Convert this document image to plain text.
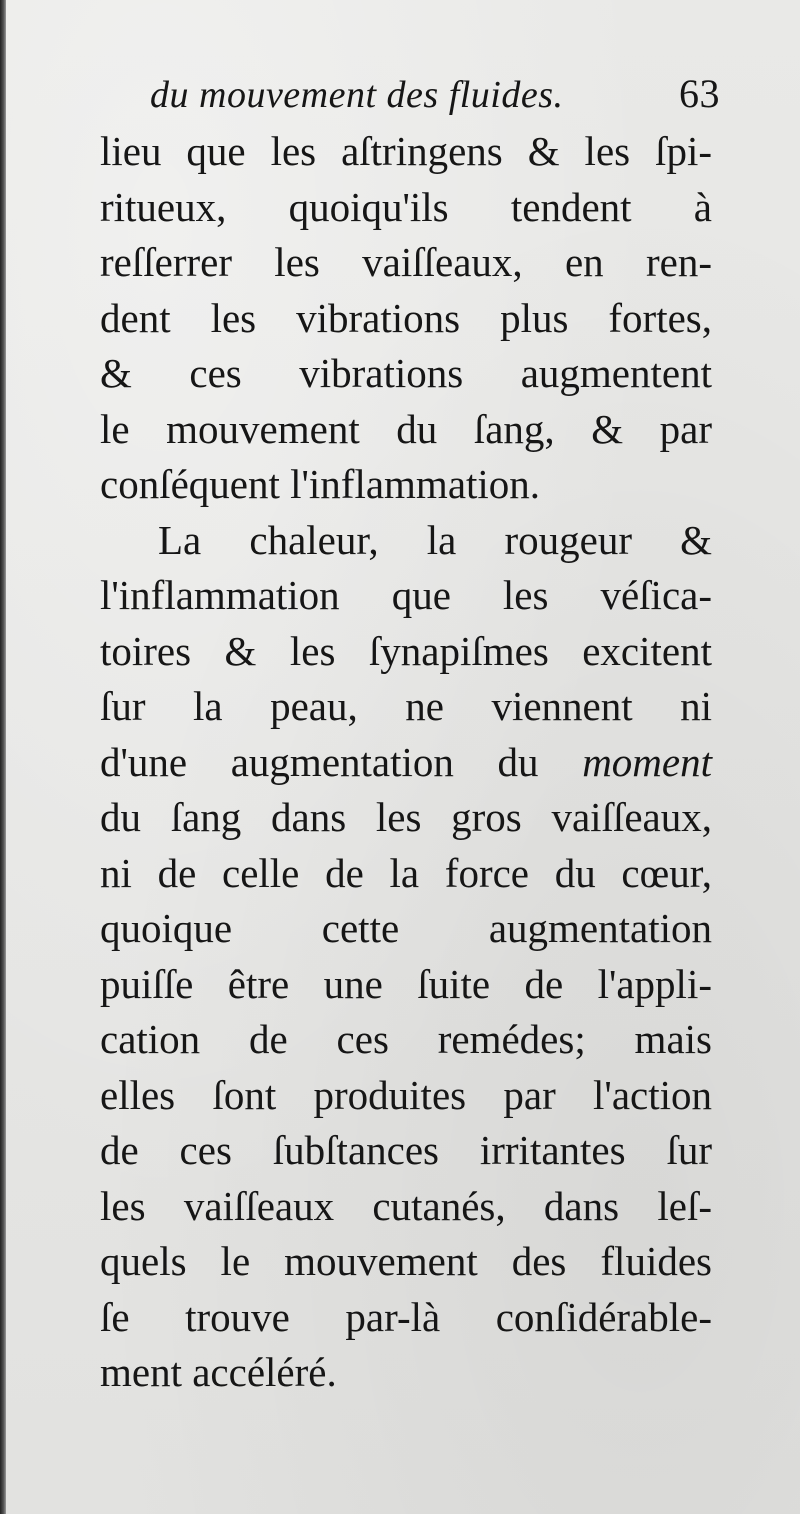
du mouvement des fluides.	63
lieu que les aſtringens & les ſpi-
ritueux, quoiqu'ils tendent à
reſſerrer les vaiſſeaux, en ren-
dent les vibrations plus fortes,
& ces vibrations augmentent
le mouvement du ſang, & par
conſéquent l'inflammation.
La chaleur, la rougeur &
l'inflammation que les véſica-
toires & les ſynapiſmes excitent
ſur la peau, ne viennent ni
d'une augmentation du moment
du ſang dans les gros vaiſſeaux,
ni de celle de la force du cœur,
quoique cette augmentation
puiſſe être une ſuite de l'appli-
cation de ces remédes; mais
elles ſont produites par l'action
de ces ſubſtances irritantes ſur
les vaiſſeaux cutanés, dans leſ-
quels le mouvement des fluides
ſe trouve par-là conſidérable-
ment accéléré.
